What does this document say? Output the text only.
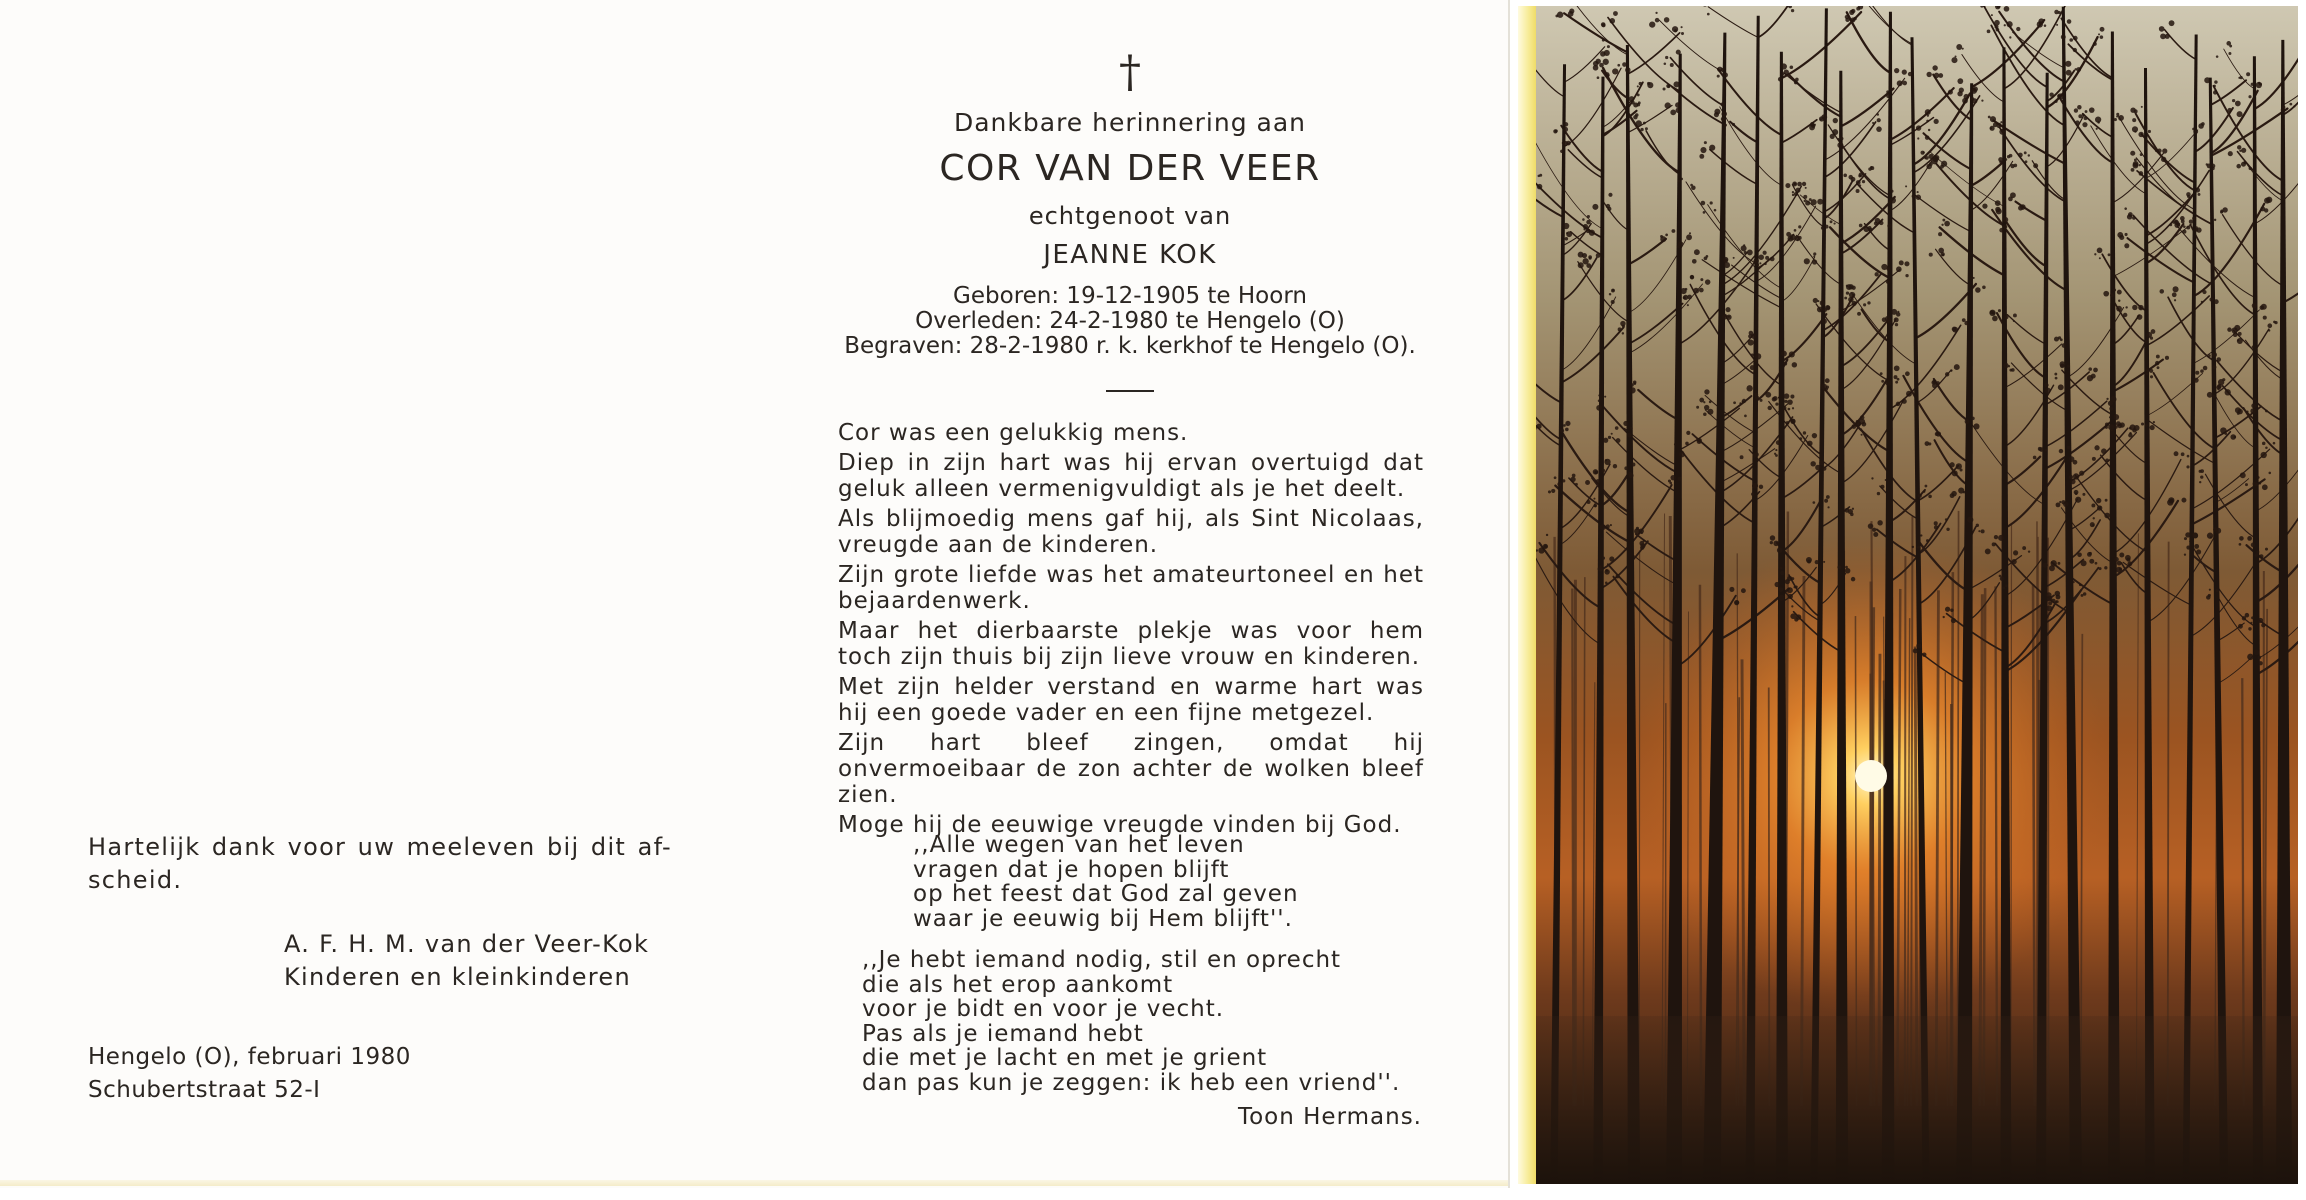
†
Dankbare herinnering aan
COR VAN DER VEER
echtgenoot van
JEANNE KOK
Geboren: 19-12-1905 te Hoorn
Overleden: 24-2-1980 te Hengelo (O)
Begraven: 28-2-1980 r. k. kerkhof te Hengelo (O).

Cor was een gelukkig mens.

Diep in zijn hart was hij ervan overtuigd dat geluk alleen vermenigvuldigt als je het deelt.

Als blijmoedig mens gaf hij, als Sint Nicolaas, vreugde aan de kinderen.

Zijn grote liefde was het amateurtoneel en het bejaardenwerk.

Maar het dierbaarste plekje was voor hem toch zijn thuis bij zijn lieve vrouw en kinderen.

Met zijn helder verstand en warme hart was hij een goede vader en een fijne metgezel.

Zijn hart bleef zingen, omdat hij onvermoeibaar de zon achter de wolken bleef zien.

Moge hij de eeuwige vreugde vinden bij God.

,,Alle wegen van het leven
vragen dat je hopen blijft
op het feest dat God zal geven
waar je eeuwig bij Hem blijft''.
,,Je hebt iemand nodig, stil en oprecht
die als het erop aankomt
voor je bidt en voor je vecht.
Pas als je iemand hebt
die met je lacht en met je grient
dan pas kun je zeggen: ik heb een vriend''.
Toon Hermans.
Hartelijk dank voor uw meeleven bij dit af-
scheid.
A. F. H. M. van der Veer-Kok
Kinderen en kleinkinderen
Hengelo (O), februari 1980
Schubertstraat 52-I
